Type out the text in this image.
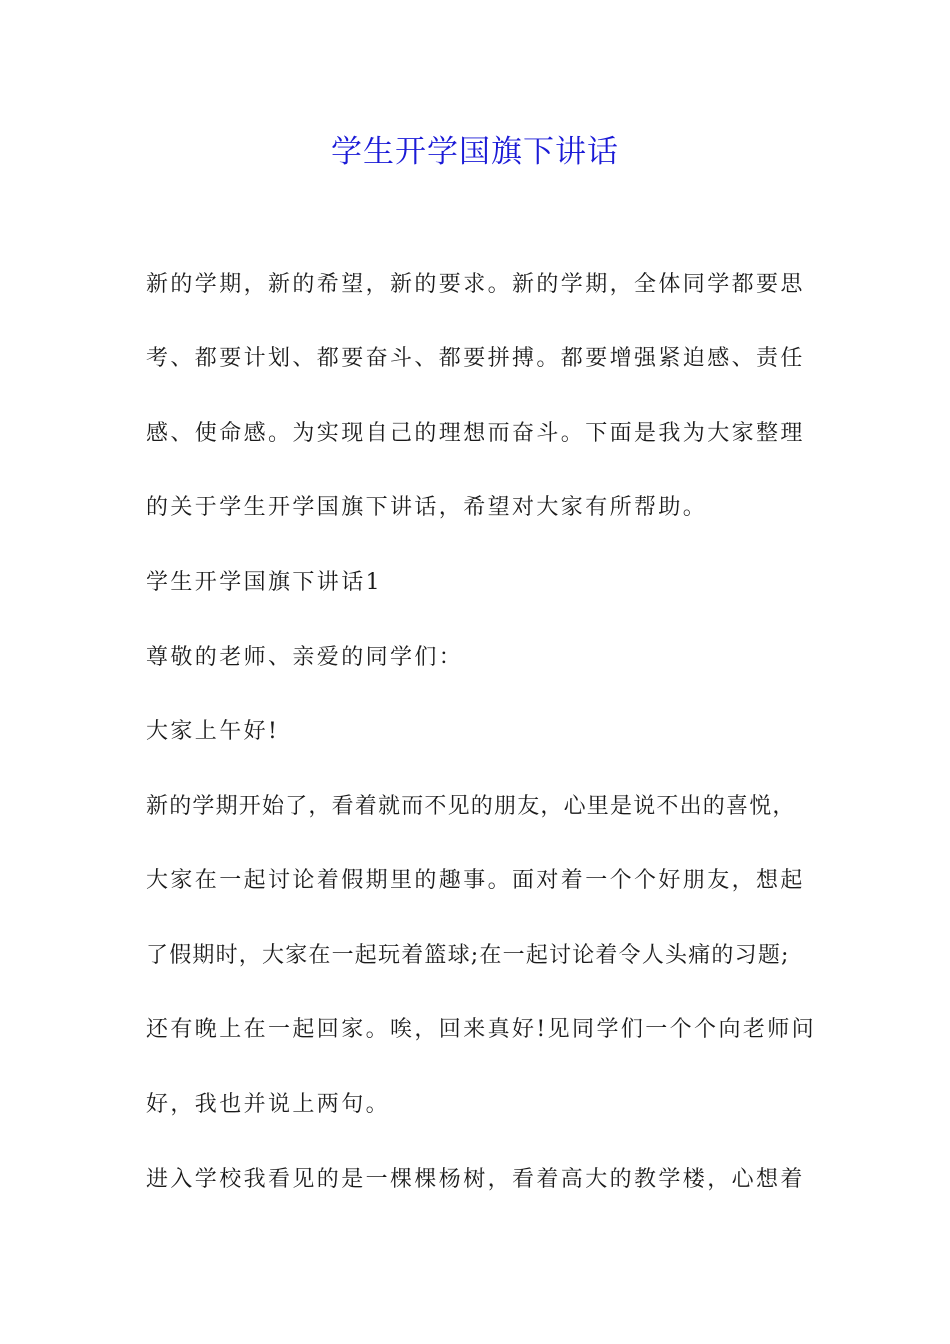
学生开学国旗下讲话

新的学期，新的希望，新的要求。新的学期，全体同学都要思

考、都要计划、都要奋斗、都要拼搏。都要增强紧迫感、责任

感、使命感。为实现自己的理想而奋斗。下面是我为大家整理

的关于学生开学国旗下讲话，希望对大家有所帮助。

学生开学国旗下讲话1

尊敬的老师、亲爱的同学们：

大家上午好!

新的学期开始了，看着就而不见的朋友，心里是说不出的喜悦，

大家在一起讨论着假期里的趣事。面对着一个个好朋友，想起

了假期时，大家在一起玩着篮球;在一起讨论着令人头痛的习题;

还有晚上在一起回家。唉，回来真好!见同学们一个个向老师问

好，我也并说上两句。

进入学校我看见的是一棵棵杨树，看着高大的教学楼，心想着
